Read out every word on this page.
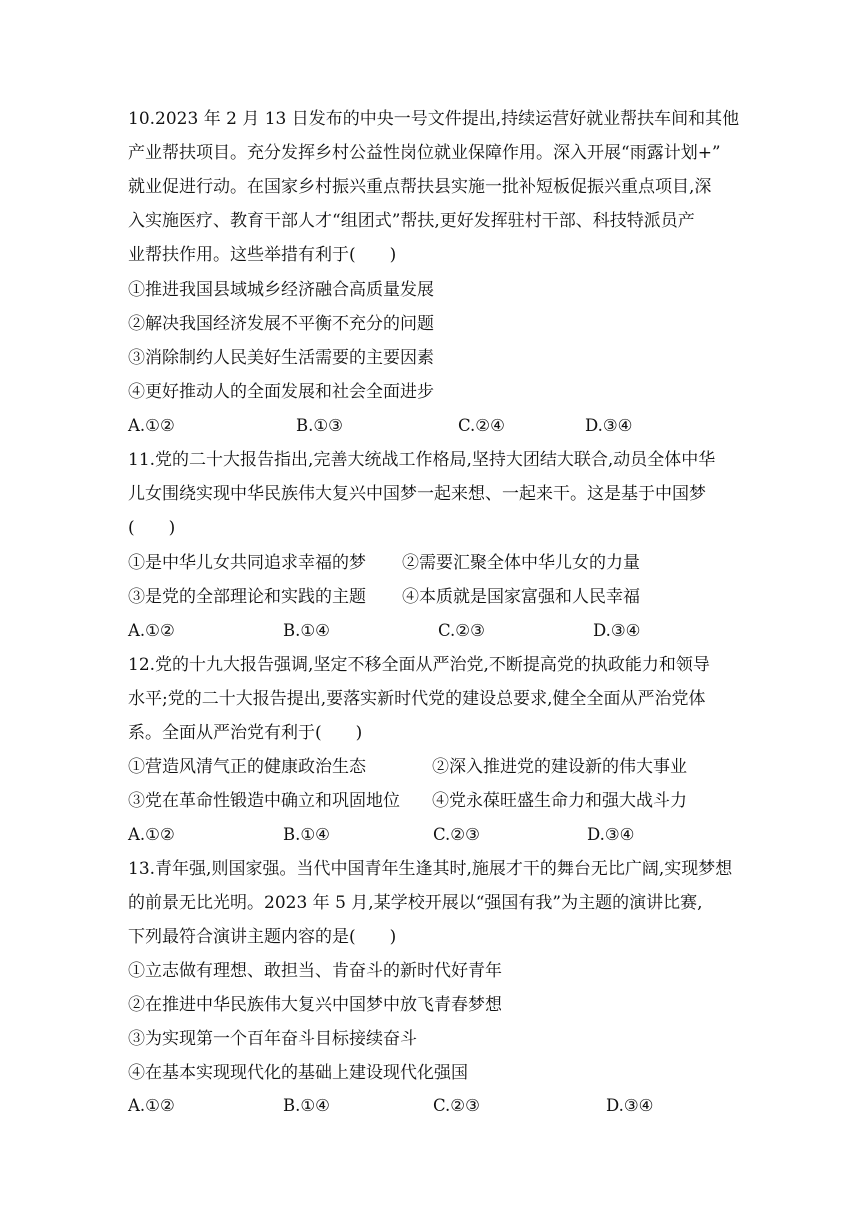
10.2023 年 2 月 13 日发布的中央一号文件提出,持续运营好就业帮扶车间和其他
产业帮扶项目。充分发挥乡村公益性岗位就业保障作用。深入开展“雨露计划+”
就业促进行动。在国家乡村振兴重点帮扶县实施一批补短板促振兴重点项目,深
入实施医疗、教育干部人才“组团式”帮扶,更好发挥驻村干部、科技特派员产
业帮扶作用。这些举措有利于(　　)
①推进我国县域城乡经济融合高质量发展
②解决我国经济发展不平衡不充分的问题
③消除制约人民美好生活需要的主要因素
④更好推动人的全面发展和社会全面进步
A.①②	B.①③	C.②④	D.③④
11.党的二十大报告指出,完善大统战工作格局,坚持大团结大联合,动员全体中华
儿女围绕实现中华民族伟大复兴中国梦一起来想、一起来干。这是基于中国梦
(　　)
①是中华儿女共同追求幸福的梦 ②需要汇聚全体中华儿女的力量
③是党的全部理论和实践的主题 ④本质就是国家富强和人民幸福
A.①②	B.①④	C.②③	D.③④
12.党的十九大报告强调,坚定不移全面从严治党,不断提高党的执政能力和领导
水平;党的二十大报告提出,要落实新时代党的建设总要求,健全全面从严治党体
系。全面从严治党有利于(　　)
①营造风清气正的健康政治生态	②深入推进党的建设新的伟大事业
③党在革命性锻造中确立和巩固地位 ④党永葆旺盛生命力和强大战斗力
A.①②	B.①④	C.②③	D.③④
13.青年强,则国家强。当代中国青年生逢其时,施展才干的舞台无比广阔,实现梦想
的前景无比光明。2023 年 5 月,某学校开展以“强国有我”为主题的演讲比赛,
下列最符合演讲主题内容的是(　　)
①立志做有理想、敢担当、肯奋斗的新时代好青年
②在推进中华民族伟大复兴中国梦中放飞青春梦想
③为实现第一个百年奋斗目标接续奋斗
④在基本实现现代化的基础上建设现代化强国
A.①②	B.①④	C.②③	D.③④
